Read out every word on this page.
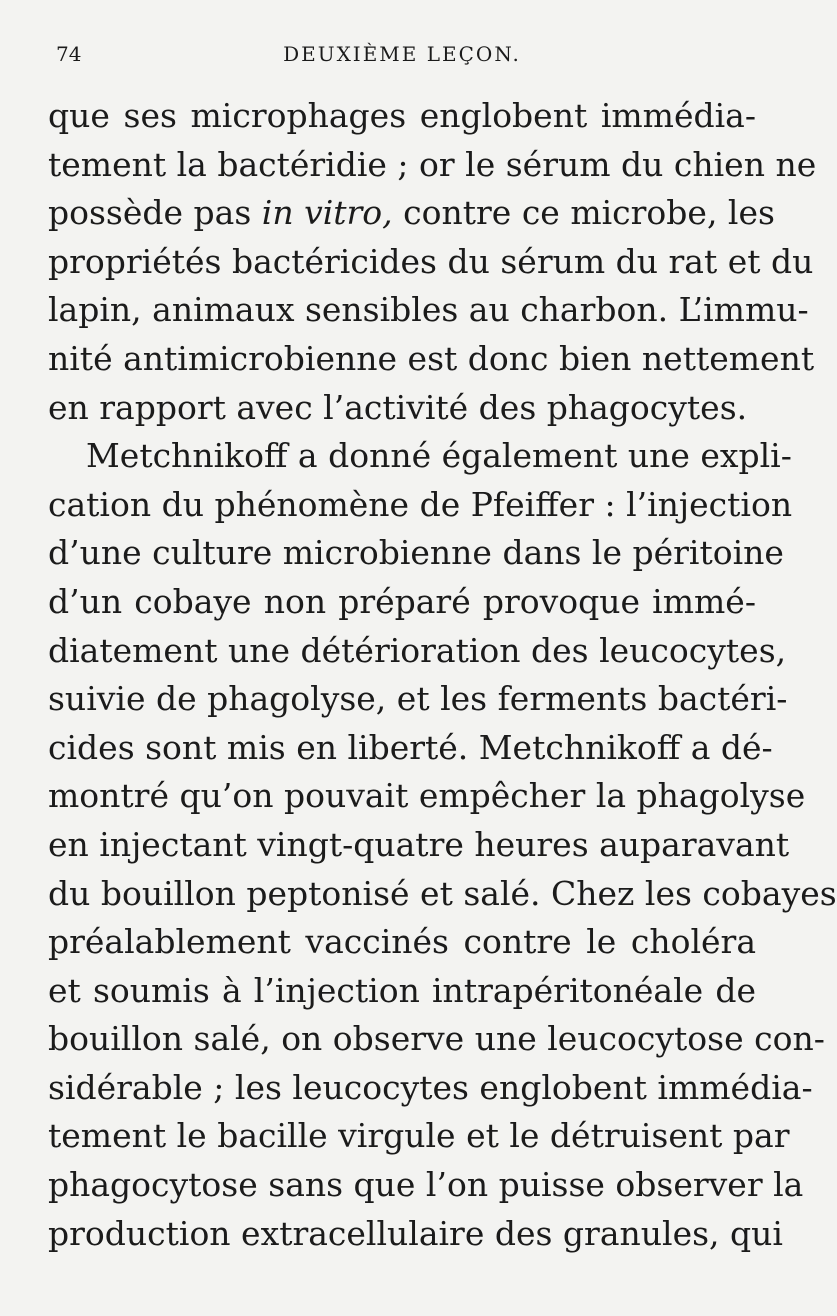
74	DEUXIÈME LEÇON.
que ses microphages englobent immédia-
tement la bactéridie ; or le sérum du chien ne
possède pas in vitro, contre ce microbe, les
propriétés bactéricides du sérum du rat et du
lapin, animaux sensibles au charbon. L’immu-
nité antimicrobienne est donc bien nettement
en rapport avec l’activité des phagocytes.
Metchnikoff a donné également une expli-
cation du phénomène de Pfeiffer : l’injection
d’une culture microbienne dans le péritoine
d’un cobaye non préparé provoque immé-
diatement une détérioration des leucocytes,
suivie de phagolyse, et les ferments bactéri-
cides sont mis en liberté. Metchnikoff a dé-
montré qu’on pouvait empêcher la phagolyse
en injectant vingt-quatre heures auparavant
du bouillon peptonisé et salé. Chez les cobayes
préalablement vaccinés contre le choléra
et soumis à l’injection intrapéritonéale de
bouillon salé, on observe une leucocytose con-
sidérable ; les leucocytes englobent immédia-
tement le bacille virgule et le détruisent par
phagocytose sans que l’on puisse observer la
production extracellulaire des granules, qui
